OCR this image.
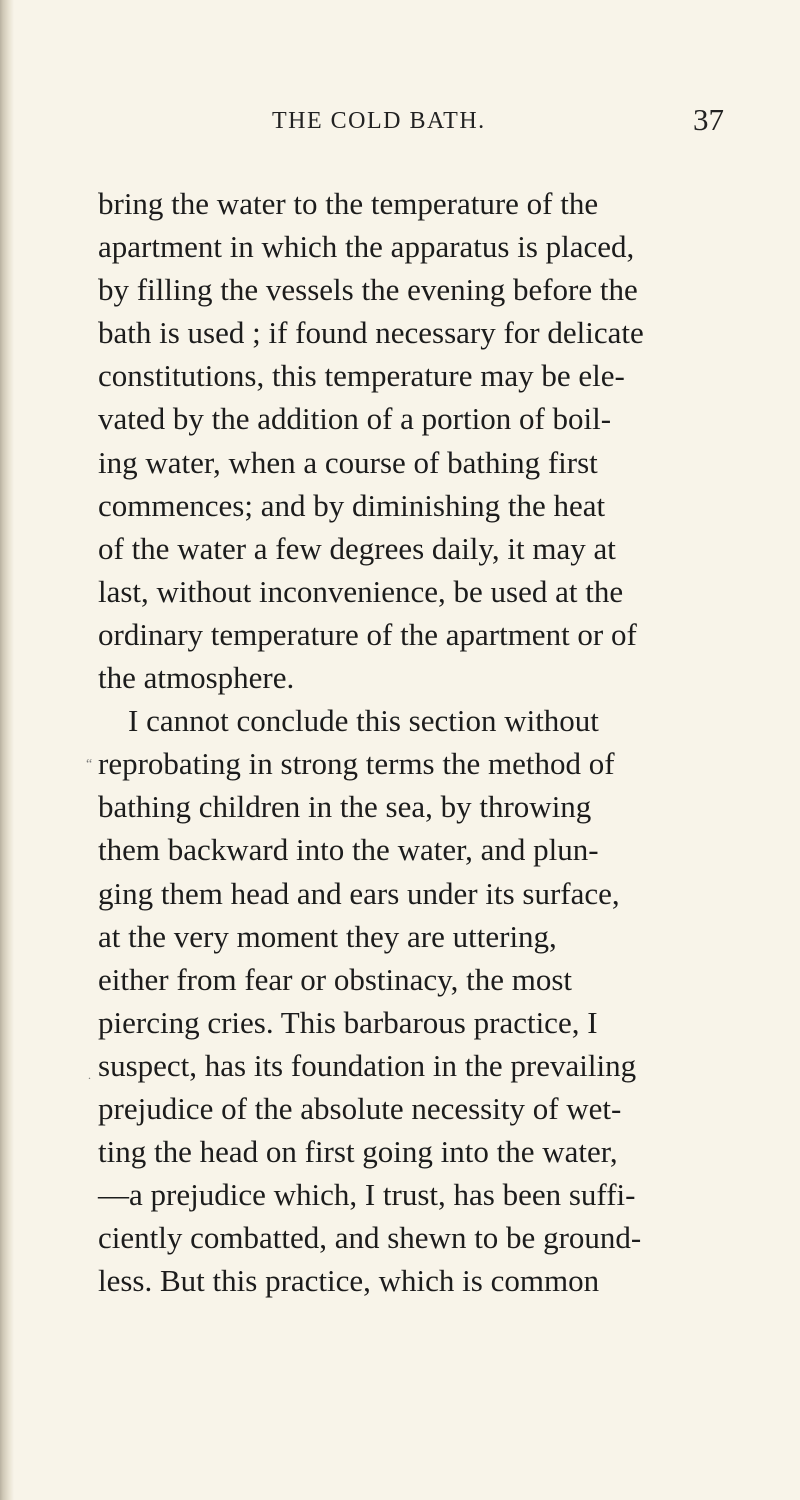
THE COLD BATH.	37
“
.
bring the water to the temperature of the
apartment in which the apparatus is placed,
by filling the vessels the evening before the
bath is used ; if found necessary for delicate
constitutions, this temperature may be ele-
vated by the addition of a portion of boil-
ing water, when a course of bathing first
commences; and by diminishing the heat
of the water a few degrees daily, it may at
last, without inconvenience, be used at the
ordinary temperature of the apartment or of
the atmosphere.
I cannot conclude this section without
reprobating in strong terms the method of
bathing children in the sea, by throwing
them backward into the water, and plun-
ging them head and ears under its surface,
at the very moment they are uttering,
either from fear or obstinacy, the most
piercing cries. This barbarous practice, I
suspect, has its foundation in the prevailing
prejudice of the absolute necessity of wet-
ting the head on first going into the water,
—a prejudice which, I trust, has been suffi-
ciently combatted, and shewn to be ground-
less. But this practice, which is common
